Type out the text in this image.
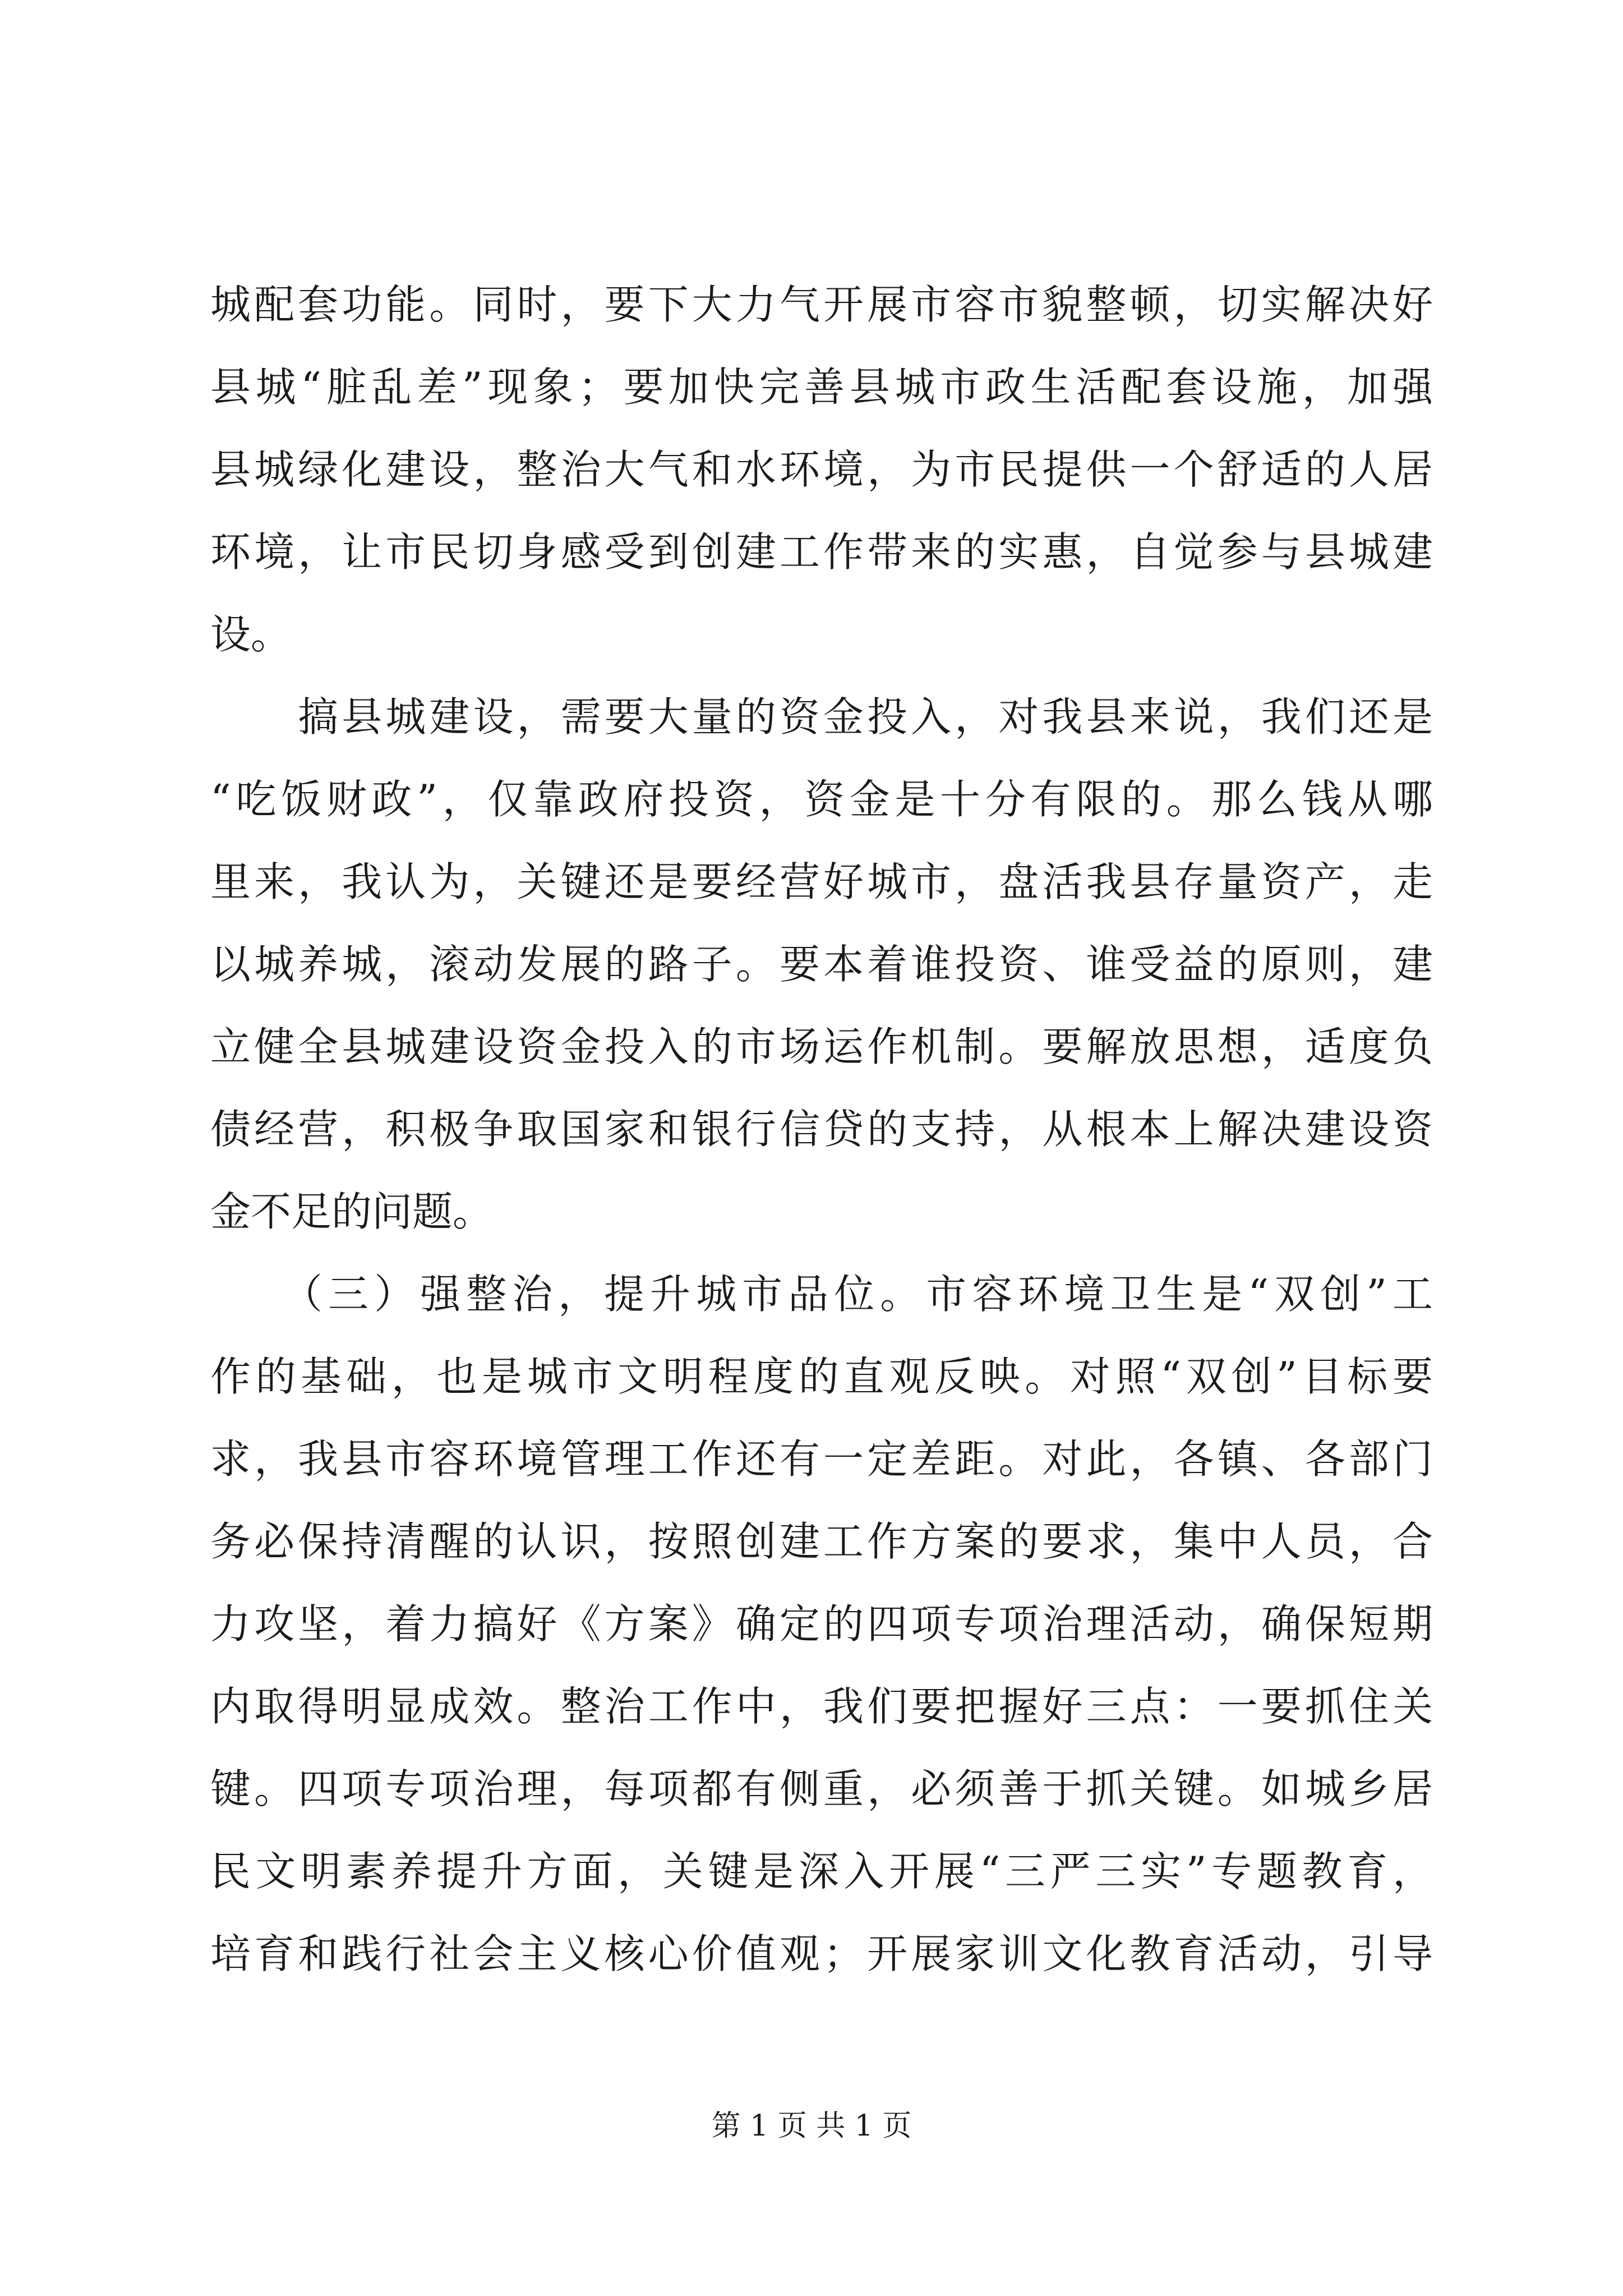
城配套功能。同时，要下大力气开展市容市貌整顿，切实解决好
县城“脏乱差”现象；要加快完善县城市政生活配套设施，加强
县城绿化建设，整治大气和水环境，为市民提供一个舒适的人居
环境，让市民切身感受到创建工作带来的实惠，自觉参与县城建
设。
　　搞县城建设，需要大量的资金投入，对我县来说，我们还是
“吃饭财政”，仅靠政府投资，资金是十分有限的。那么钱从哪
里来，我认为，关键还是要经营好城市，盘活我县存量资产，走
以城养城，滚动发展的路子。要本着谁投资、谁受益的原则，建
立健全县城建设资金投入的市场运作机制。要解放思想，适度负
债经营，积极争取国家和银行信贷的支持，从根本上解决建设资
金不足的问题。
　　（三）强整治，提升城市品位。市容环境卫生是“双创”工
作的基础，也是城市文明程度的直观反映。对照“双创”目标要
求，我县市容环境管理工作还有一定差距。对此，各镇、各部门
务必保持清醒的认识，按照创建工作方案的要求，集中人员，合
力攻坚，着力搞好《方案》确定的四项专项治理活动，确保短期
内取得明显成效。整治工作中，我们要把握好三点：一要抓住关
键。四项专项治理，每项都有侧重，必须善于抓关键。如城乡居
民文明素养提升方面，关键是深入开展“三严三实”专题教育，
培育和践行社会主义核心价值观；开展家训文化教育活动，引导
第 1 页 共 1 页
